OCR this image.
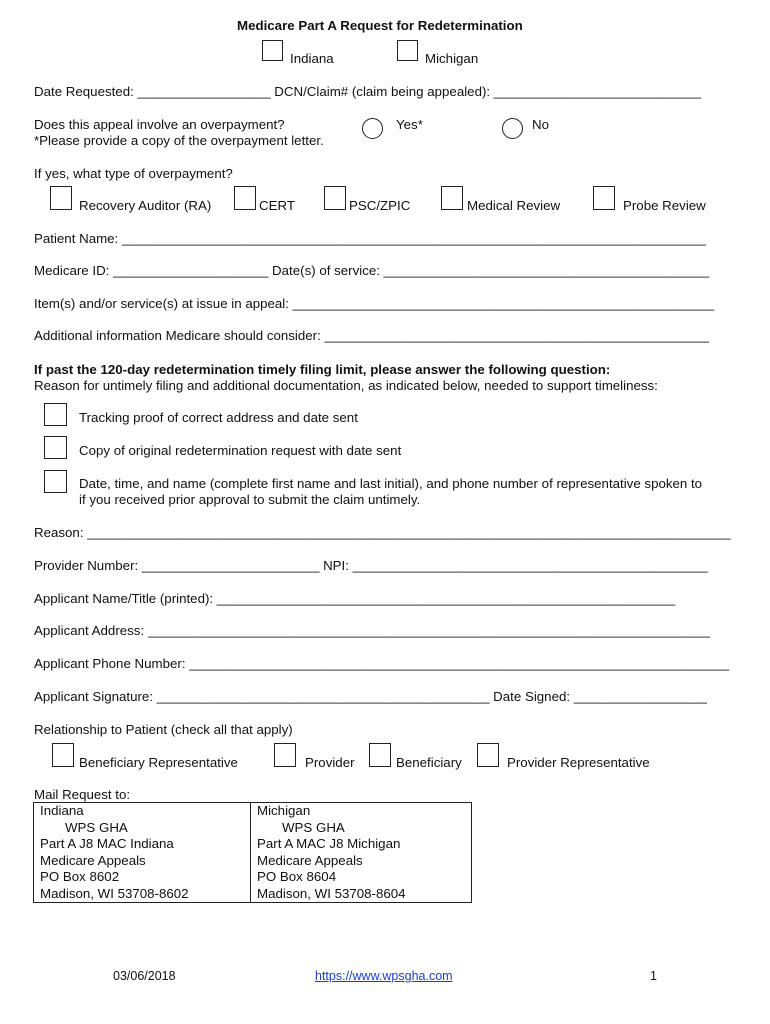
Medicare Part A Request for Redetermination
Indiana	Michigan
Date Requested: __________________ DCN/Claim# (claim being appealed): ____________________________
Does this appeal involve an overpayment?
*Please provide a copy of the overpayment letter.
Yes*	No
If yes, what type of overpayment?
Recovery Auditor (RA)	CERT	PSC/ZPIC	Medical Review	Probe Review
Patient Name: _______________________________________________________________________________
Medicare ID: _____________________ Date(s) of service: ____________________________________________
Item(s) and/or service(s) at issue in appeal: _________________________________________________________
Additional information Medicare should consider: ____________________________________________________
If past the 120-day redetermination timely filing limit, please answer the following question:
Reason for untimely filing and additional documentation, as indicated below, needed to support timeliness:
Tracking proof of correct address and date sent
Copy of original redetermination request with date sent
Date, time, and name (complete first name and last initial), and phone number of representative spoken to
if you received prior approval to submit the claim untimely.
Reason: _______________________________________________________________________________________
Provider Number: ________________________ NPI: ________________________________________________
Applicant Name/Title (printed): ______________________________________________________________
Applicant Address: ____________________________________________________________________________
Applicant Phone Number: _________________________________________________________________________
Applicant Signature: _____________________________________________ Date Signed: __________________
Relationship to Patient (check all that apply)
Beneficiary Representative	Provider	Beneficiary	Provider Representative
Mail Request to:
Indiana
WPS GHA
Part A J8 MAC Indiana
Medicare Appeals
PO Box 8602
Madison, WI 53708-8602

Michigan
WPS GHA
Part A MAC J8 Michigan
Medicare Appeals
PO Box 8604
Madison, WI 53708-8604
03/06/2018	https://www.wpsgha.com	1
